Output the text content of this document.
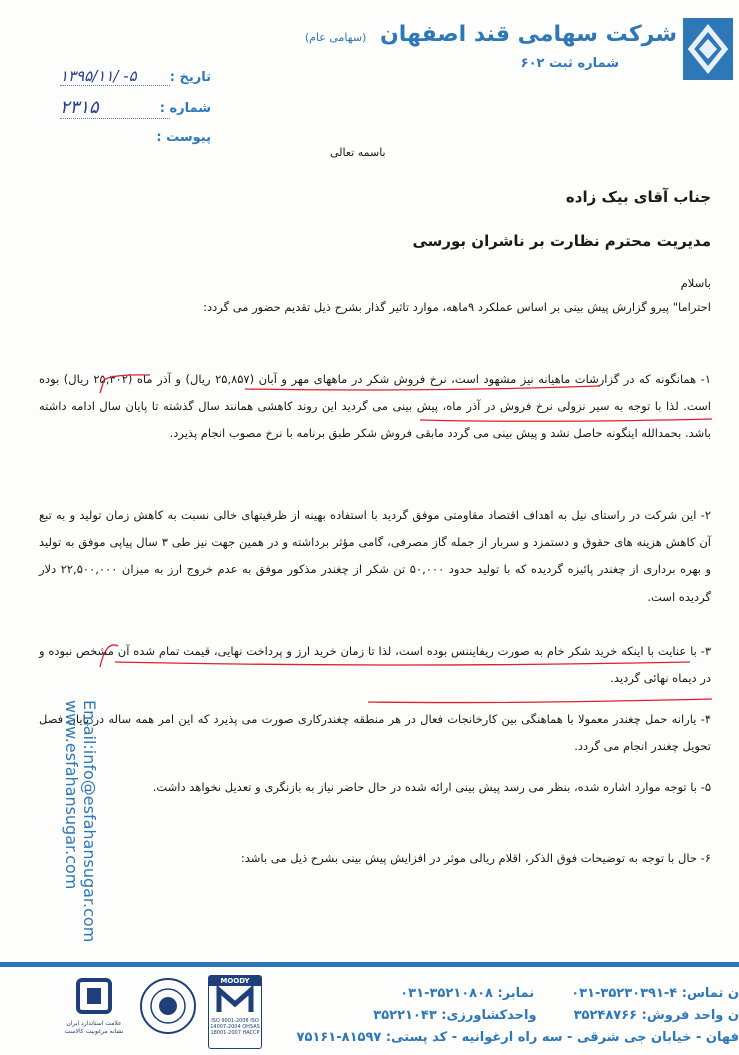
شرکت سهامی قند اصفهان (سهامی عام)
شماره ثبت ۶۰۲
تاریخ :
۱۳۹۵/۱۱/ -۵
شماره :
۲۳۱۵
پیوست :
باسمه تعالی
جناب آقای بیک زاده
مدیریت محترم نظارت بر ناشران بورسی
باسلام

احتراما" پیرو گزارش پیش بینی بر اساس عملکرد ۹ماهه، موارد تاثیر گذار بشرح ذیل تقدیم حضور می گردد:

۱- همانگونه که در گزارشات ماهیانه نیز مشهود است، نرخ فروش شکر در ماههای مهر و آبان (۲۵,۸۵۷ ریال) و آذر ماه (۲۵,۳۰۲ ریال) بوده است. لذا با توجه به سیر نزولی نرخ فروش در آذر ماه، پیش بینی می گردید این روند کاهشی همانند سال گذشته تا پایان سال ادامه داشته باشد. بحمدالله اینگونه حاصل نشد و پیش بینی می گردد مابقی فروش شکر طبق برنامه با نرخ مصوب انجام پذیرد.

۲- این شرکت در راستای نیل به اهداف اقتصاد مقاومتی موفق گردید با استفاده بهینه از ظرفیتهای خالی نسبت به کاهش زمان تولید و به تبع آن کاهش هزینه های حقوق و دستمزد و سربار از جمله گاز مصرفی، گامی مؤثر برداشته و در همین جهت نیز طی ۳ سال پیاپی موفق به تولید و بهره برداری از چغندر پائیزه گردیده که با تولید حدود ۵۰,۰۰۰ تن شکر از چغندر مذکور موفق به عدم خروج ارز به میزان ۲۲,۵۰۰,۰۰۰ دلار گردیده است.

۳- با عنایت با اینکه خرید شکر خام به صورت ریفایننس بوده است، لذا تا زمان خرید ارز و پرداخت نهایی، قیمت تمام شده آن مشخص نبوده و در دیماه نهائی گردید.

۴- یارانه حمل چغندر معمولا با هماهنگی بین کارخانجات فعال در هر منطقه چغندرکاری صورت می پذیرد که این امر همه ساله در پایان فصل تحویل چغندر انجام می گردد.

۵- با توجه موارد اشاره شده، بنظر می رسد پیش بینی ارائه شده در حال حاضر نیاز به بازنگری و تعدیل نخواهد داشت.

۶- حال با توجه به توضیحات فوق الذکر، اقلام ریالی موثر در افزایش پیش بینی بشرح ذیل می باشد:

Email:info@esfahansugar.com
www.esfahansugar.com
ن تماس: ۴-۳۵۲۳۰۳۹۱-۰۳۱  نمابر: ۳۵۲۱۰۸۰۸-۰۳۱
ن واحد فروش: ۳۵۲۴۸۷۶۶  واحدکشاورزی: ۳۵۲۲۱۰۴۳
فهان - خیابان جی شرقی - سه راه ارغوانیه - کد پستی: ۸۱۵۹۷-۷۵۱۶۱
MOODY
ISO 9001-2008 ISO 14007-2004 OHSAS 18001-2007 HACCP
علامت استاندارد ایران نشانه مرغوبیت کالاست
